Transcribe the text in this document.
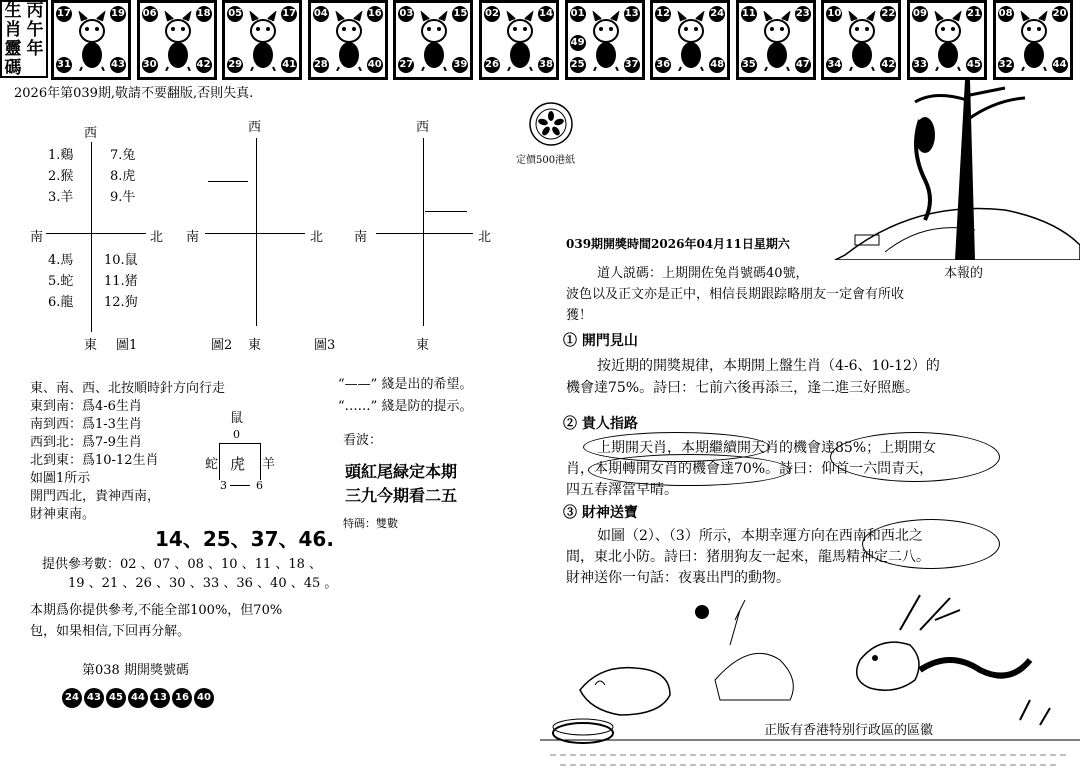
生 丙
肖 午
靈 年
碼
17	19
31	43
06	18
30	42
05	17
29	41
04	16
28	40
03	15
27	39
02	14
26	38
01	13
25	37
49
12	24
36	48
11	23
35	47
10	22
34	42
09	21
33	45
08	20
32	44
2026年第039期,敬請不要翻版,否則失真.
西
南	北
1.鷄
2.猴
3.羊
4.馬
5.蛇
6.龍
7.兔
8.虎
9.牛
10.鼠
11.猪
12.狗
東 圖1
西
南	北
圖2 東	圖3
西
南	北
東
東、南、西、北按順時針方向行走
東到南：爲4-6生肖
南到西：爲1-3生肖
西到北：爲7-9生肖
北到東：爲10-12生肖
如圖1所示
開門西北，貴神西南，
財神東南。
鼠
0
蛇 虎 羊
3	6
“——” 綫是出的希望。
“……” 綫是防的提示。
看波：
頭紅尾緑定本期
三九今期看二五
特碼：雙數
14、25、37、46.
提供參考數：02 、07 、08 、10 、11 、18 、
19 、21 、26 、30 、33 、36 、40 、45 。
本期爲你提供參考,不能全部100%，但70%
包，如果相信,下回再分解。
第038 期開獎號碼
24 43 45 44 13 16 40
定價500港紙
039期開獎時間2026年04月11日星期六
道人説碼：上期開佐兔肖號碼40號，	本報的
波色以及正文亦是正中，相信長期跟踪略朋友一定會有所收
獲！
① 開門見山
按近期的開獎規律，本期開上盤生肖（4-6、10-12）的
機會達75%。詩曰：七前六後再添三，逢二進三好照應。
② 貴人指路
上期開天肖，本期繼續開天肖的機會達85%；上期開女
肖，本期轉開女肖的機會達70%。詩曰：仰首一六問青天，
四五春澤當早晴。
③ 財神送寶
如圖（2）、（3）所示，本期幸運方向在西南和西北之
間，東北小防。詩曰：猪朋狗友一起來，龍馬精神定二八。
財神送你一句話：夜裏出門的動物。
正版有香港特别行政區的區徽
